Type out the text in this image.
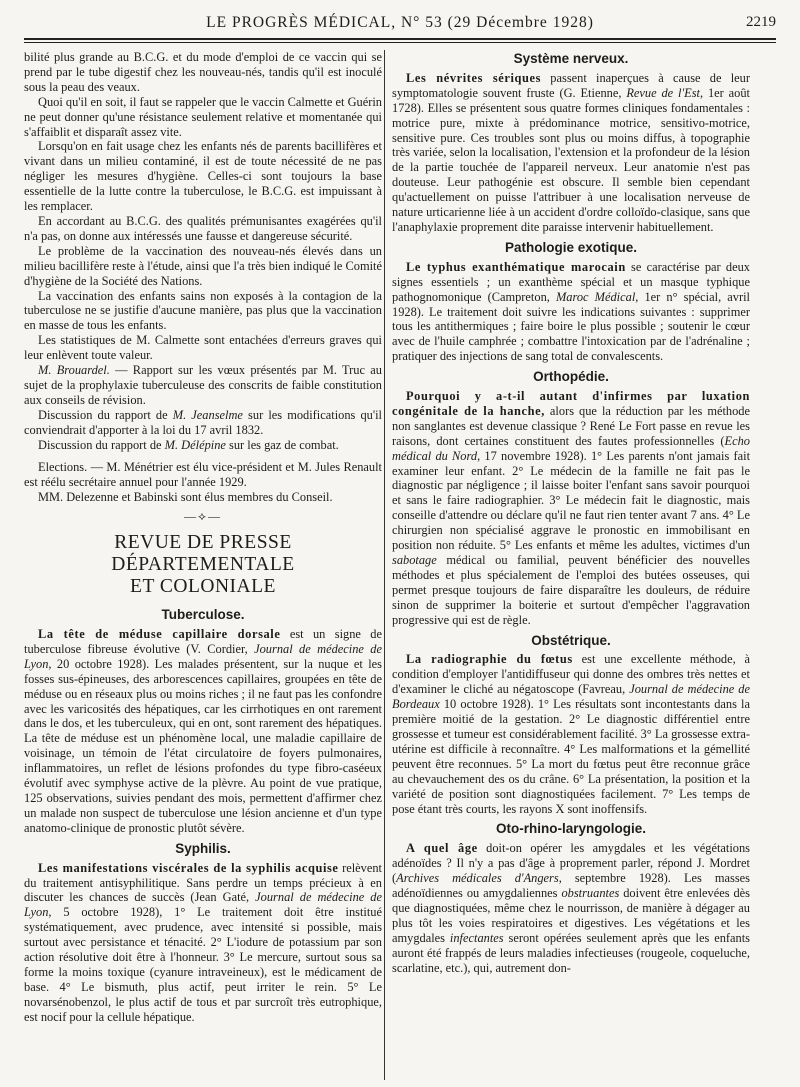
LE PROGRÈS MÉDICAL, N° 53 (29 Décembre 1928)	2219

bilité plus grande au B.C.G. et du mode d'emploi de ce vaccin qui se prend par le tube digestif chez les nouveau-nés, tandis qu'il est inoculé sous la peau des veaux.

Quoi qu'il en soit, il faut se rappeler que le vaccin Calmette et Guérin ne peut donner qu'une résistance seulement relative et momentanée qui s'affaiblit et disparaît assez vite.

Lorsqu'on en fait usage chez les enfants nés de parents bacillifères et vivant dans un milieu contaminé, il est de toute nécessité de ne pas négliger les mesures d'hygiène. Celles-ci sont toujours la base essentielle de la lutte contre la tuberculose, le B.C.G. est impuissant à les remplacer.

En accordant au B.C.G. des qualités prémunisantes exagérées qu'il n'a pas, on donne aux intéressés une fausse et dangereuse sécurité.

Le problème de la vaccination des nouveau-nés élevés dans un milieu bacillifère reste à l'étude, ainsi que l'a très bien indiqué le Comité d'hygiène de la Société des Nations.

La vaccination des enfants sains non exposés à la contagion de la tuberculose ne se justifie d'aucune manière, pas plus que la vaccination en masse de tous les enfants.

Les statistiques de M. Calmette sont entachées d'erreurs graves qui leur enlèvent toute valeur.

M. Brouardel. — Rapport sur les vœux présentés par M. Truc au sujet de la prophylaxie tuberculeuse des conscrits de faible constitution aux conseils de révision.

Discussion du rapport de M. Jeanselme sur les modifications qu'il conviendrait d'apporter à la loi du 17 avril 1832.

Discussion du rapport de M. Délépine sur les gaz de combat.

Elections. — M. Ménétrier est élu vice-président et M. Jules Renault est réélu secrétaire annuel pour l'année 1929.

MM. Delezenne et Babinski sont élus membres du Conseil.

—⟡—
REVUE DE PRESSE DÉPARTEMENTALE
ET COLONIALE
Tuberculose.

La tête de méduse capillaire dorsale est un signe de tuberculose fibreuse évolutive (V. Cordier, Journal de médecine de Lyon, 20 octobre 1928). Les malades présentent, sur la nuque et les fosses sus-épineuses, des arborescences capillaires, groupées en tête de méduse ou en réseaux plus ou moins riches ; il ne faut pas les confondre avec les varicosités des hépatiques, car les cirrhotiques en ont rarement dans le dos, et les tuberculeux, qui en ont, sont rarement des hépatiques. La tête de méduse est un phénomène local, une maladie capillaire de voisinage, un témoin de l'état circulatoire de foyers pulmonaires, inflammatoires, un reflet de lésions profondes du type fibro-caséeux évolutif avec symphyse active de la plèvre. Au point de vue pratique, 125 observations, suivies pendant des mois, permettent d'affirmer chez un malade non suspect de tuberculose une lésion ancienne et d'un type anatomo-clinique de pronostic plutôt sévère.

Syphilis.

Les manifestations viscérales de la syphilis acquise relèvent du traitement antisyphilitique. Sans perdre un temps précieux à en discuter les chances de succès (Jean Gaté, Journal de médecine de Lyon, 5 octobre 1928), 1° Le traitement doit être institué systématiquement, avec prudence, avec intensité si possible, mais surtout avec persistance et ténacité. 2° L'iodure de potassium par son action résolutive doit être à l'honneur. 3° Le mercure, surtout sous sa forme la moins toxique (cyanure intraveineux), est le médicament de base. 4° Le bismuth, plus actif, peut irriter le rein. 5° Le novarsénobenzol, le plus actif de tous et par surcroît très eutrophique, est nocif pour la cellule hépatique.

Système nerveux.

Les névrites sériques passent inaperçues à cause de leur symptomatologie souvent fruste (G. Etienne, Revue de l'Est, 1er août 1728). Elles se présentent sous quatre formes cliniques fondamentales : motrice pure, mixte à prédominance motrice, sensitivo-motrice, sensitive pure. Ces troubles sont plus ou moins diffus, à topographie très variée, selon la localisation, l'extension et la profondeur de la lésion de la partie touchée de l'appareil nerveux. Leur anatomie n'est pas douteuse. Leur pathogénie est obscure. Il semble bien cependant qu'actuellement on puisse l'attribuer à une localisation nerveuse de nature urticarienne liée à un accident d'ordre colloïdo-clasique, sans que l'anaphylaxie proprement dite paraisse intervenir habituellement.

Pathologie exotique.

Le typhus exanthématique marocain se caractérise par deux signes essentiels ; un exanthème spécial et un masque typhique pathognomonique (Campreton, Maroc Médical, 1er n° spécial, avril 1928). Le traitement doit suivre les indications suivantes : supprimer tous les antithermiques ; faire boire le plus possible ; soutenir le cœur avec de l'huile camphrée ; combattre l'intoxication par de l'adrénaline ; pratiquer des injections de sang total de convalescents.

Orthopédie.

Pourquoi y a-t-il autant d'infirmes par luxation congénitale de la hanche, alors que la réduction par les méthode non sanglantes est devenue classique ? René Le Fort passe en revue les raisons, dont certaines constituent des fautes professionnelles (Echo médical du Nord, 17 novembre 1928). 1° Les parents n'ont jamais fait examiner leur enfant. 2° Le médecin de la famille ne fait pas le diagnostic par négligence ; il laisse boiter l'enfant sans savoir pourquoi et sans le faire radiographier. 3° Le médecin fait le diagnostic, mais conseille d'attendre ou déclare qu'il ne faut rien tenter avant 7 ans. 4° Le chirurgien non spécialisé aggrave le pronostic en immobilisant en position non réduite. 5° Les enfants et même les adultes, victimes d'un sabotage médical ou familial, peuvent bénéficier des nouvelles méthodes et plus spécialement de l'emploi des butées osseuses, qui permet presque toujours de faire disparaître les douleurs, de réduire sinon de supprimer la boiterie et surtout d'empêcher l'aggravation progressive qui est de règle.

Obstétrique.

La radiographie du fœtus est une excellente méthode, à condition d'employer l'antidiffuseur qui donne des ombres très nettes et d'examiner le cliché au négatoscope (Favreau, Journal de médecine de Bordeaux 10 octobre 1928). 1° Les résultats sont incontestants dans la première moitié de la gestation. 2° Le diagnostic différentiel entre grossesse et tumeur est considérablement facilité. 3° La grossesse extra-utérine est difficile à reconnaître. 4° Les malformations et la gémellité peuvent être reconnues. 5° La mort du fœtus peut être reconnue grâce au chevauchement des os du crâne. 6° La présentation, la position et la variété de position sont diagnostiquées facilement. 7° Les temps de pose étant très courts, les rayons X sont inoffensifs.

Oto-rhino-laryngologie.

A quel âge doit-on opérer les amygdales et les végétations adénoïdes ? Il n'y a pas d'âge à proprement parler, répond J. Mordret (Archives médicales d'Angers, septembre 1928). Les masses adénoïdiennes ou amygdaliennes obstruantes doivent être enlevées dès que diagnostiquées, même chez le nourrisson, de manière à dégager au plus tôt les voies respiratoires et digestives. Les végétations et les amygdales infectantes seront opérées seulement après que les enfants auront été frappés de leurs maladies infectieuses (rougeole, coqueluche, scarlatine, etc.), qui, autrement don-
